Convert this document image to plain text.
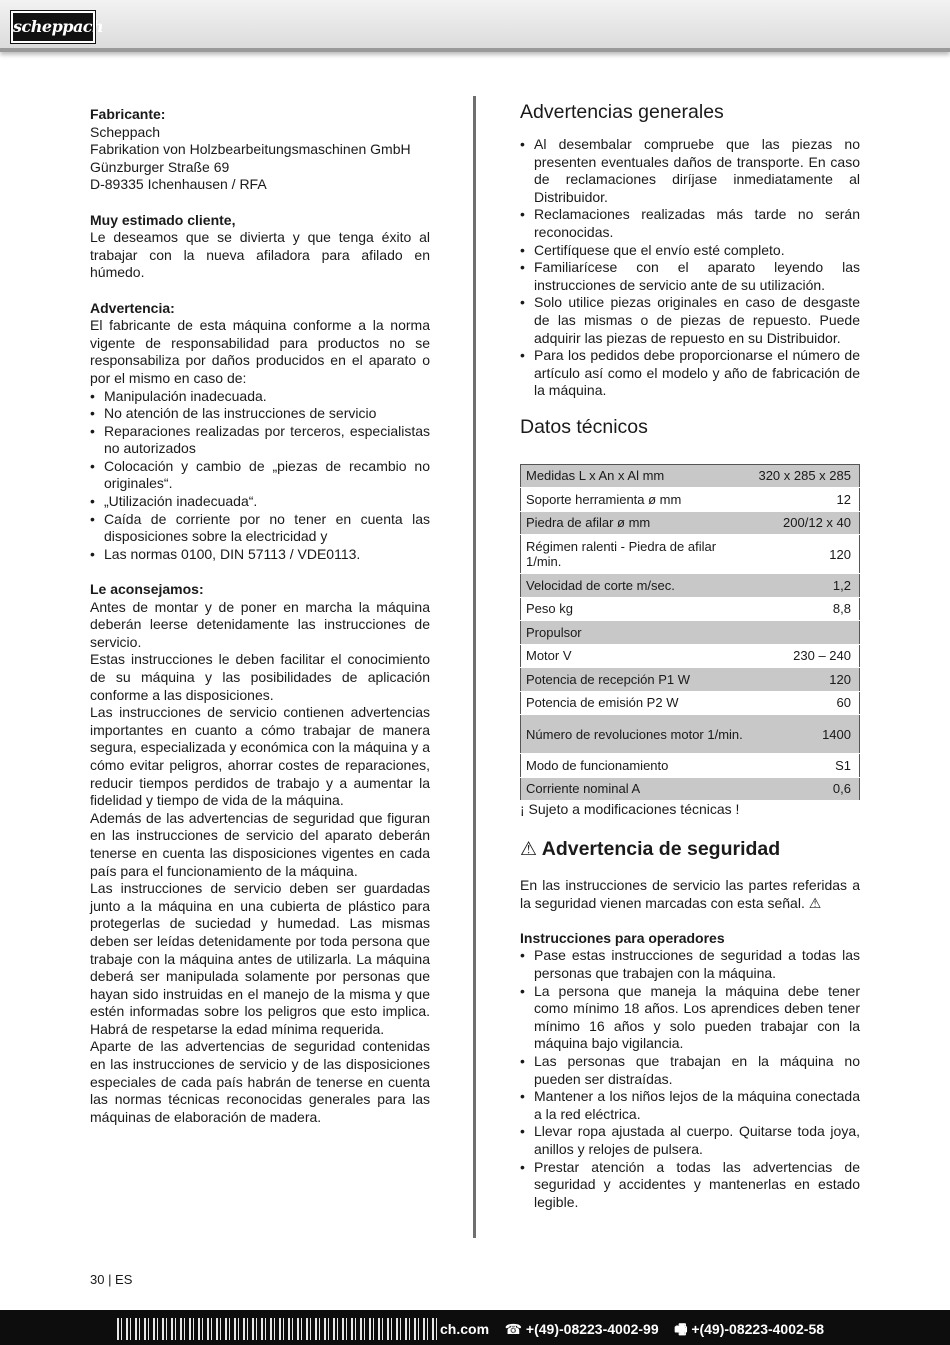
scheppach

Fabricante:

Scheppach

Fabrikation von Holzbearbeitungsmaschinen GmbH

Günzburger Straße 69

D-89335 Ichenhausen / RFA

Muy estimado cliente,

Le deseamos que se divierta y que tenga éxito al trabajar con la nueva afiladora para afilado en húmedo.

Advertencia:

El fabricante de esta máquina conforme a la norma vigente de responsabilidad para productos no se responsabiliza por daños producidos en el aparato o por el mismo en caso de:

• Manipulación inadecuada.
• No atención de las instrucciones de servicio
• Reparaciones realizadas por terceros, especialistas no autorizados
• Colocación y cambio de „piezas de recambio no originales“.
• „Utilización inadecuada“.
• Caída de corriente por no tener en cuenta las disposiciones sobre la electricidad y
• Las normas 0100, DIN 57113 / VDE0113.

Le aconsejamos:

Antes de montar y de poner en marcha la máquina deberán leerse detenidamente las instrucciones de servicio.

Estas instrucciones le deben facilitar el conocimiento de su máquina y las posibilidades de aplicación conforme a las disposiciones.

Las instrucciones de servicio contienen advertencias importantes en cuanto a cómo trabajar de manera segura, especializada y económica con la máquina y a cómo evitar peligros, ahorrar costes de reparaciones, reducir tiempos perdidos de trabajo y a aumentar la fidelidad y tiempo de vida de la máquina.

Además de las advertencias de seguridad que figuran en las instrucciones de servicio del aparato deberán tenerse en cuenta las disposiciones vigentes en cada país para el funcionamiento de la máquina.

Las instrucciones de servicio deben ser guardadas junto a la máquina en una cubierta de plástico para protegerlas de suciedad y humedad. Las mismas deben ser leídas detenidamente por toda persona que trabaje con la máquina antes de utilizarla. La máquina deberá ser manipulada solamente por personas que hayan sido instruidas en el manejo de la misma y que estén informadas sobre los peligros que esto implica. Habrá de respetarse la edad mínima requerida.

Aparte de las advertencias de seguridad contenidas en las instrucciones de servicio y de las disposiciones especiales de cada país habrán de tenerse en cuenta las normas técnicas reconocidas generales para las máquinas de elaboración de madera.

Advertencias generales
• Al desembalar compruebe que las piezas no presenten eventuales daños de transporte. En caso de reclamaciones diríjase inmediatamente al Distribuidor.
• Reclamaciones realizadas más tarde no serán reconocidas.
• Certifíquese que el envío esté completo.
• Familiarícese con el aparato leyendo las instrucciones de servicio ante de su utilización.
• Solo utilice piezas originales en caso de desgaste de las mismas o de piezas de repuesto. Puede adquirir las piezas de repuesto en su Distribuidor.
• Para los pedidos debe proporcionarse el número de artículo así como el modelo y año de fabricación de la máquina.
Datos técnicos
Medidas L x An x Al mm	320 x 285 x 285
Soporte herramienta ø mm	12
Piedra de afilar ø mm	200/12 x 40
Régimen ralenti - Piedra de afilar 1/min.	120
Velocidad de corte m/sec.	1,2
Peso kg	8,8
Propulsor	
Motor V	230 – 240
Potencia de recepción P1 W	120
Potencia de emisión P2 W	60
Número de revoluciones motor 1/min.	1400
Modo de funcionamiento	S1
Corriente nominal A	0,6

¡ Sujeto a modificaciones técnicas !

⚠ Advertencia de seguridad

En las instrucciones de servicio las partes referidas a la seguridad vienen marcadas con esta señal. ⚠

Instrucciones para operadores

• Pase estas instrucciones de seguridad a todas las personas que trabajen con la máquina.
• La persona que maneja la máquina debe tener como mínimo 18 años. Los aprendices deben tener mínimo 16 años y solo pueden trabajar con la máquina bajo vigilancia.
• Las personas que trabajan en la máquina no pueden ser distraídas.
• Mantener a los niños lejos de la máquina conectada a la red eléctrica.
• Llevar ropa ajustada al cuerpo. Quitarse toda joya, anillos y relojes de pulsera.
• Prestar atención a todas las advertencias de seguridad y accidentes y mantenerlas en estado legible.
30 | ES
ch.com ☎ +(49)-08223-4002-99 🖷 +(49)-08223-4002-58
